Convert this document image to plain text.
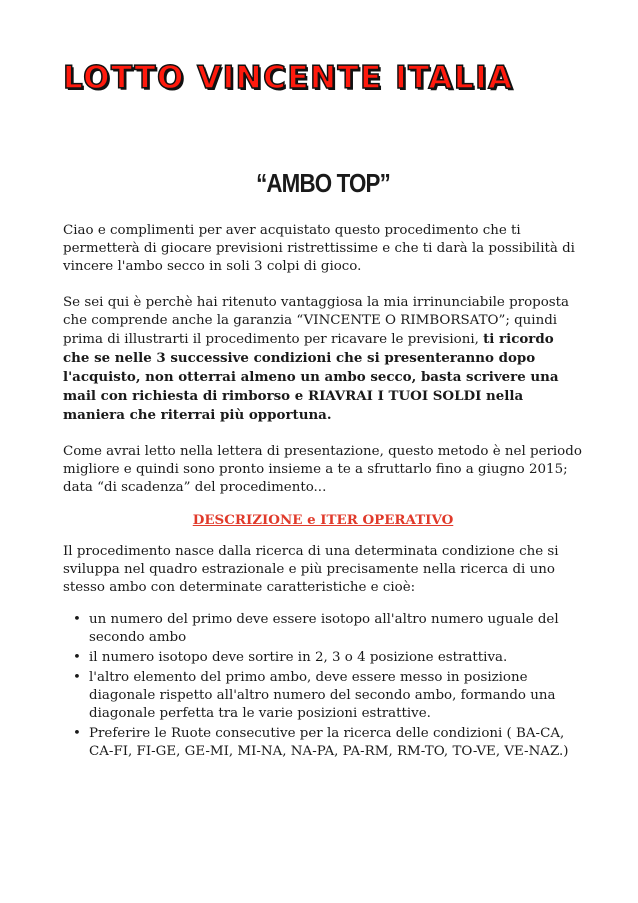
LOTTO VINCENTE ITALIA
“AMBO TOP”

Ciao e complimenti per aver acquistato questo procedimento che ti permetterà di giocare previsioni ristrettissime e che ti darà la possibilità di vincere l'ambo secco in soli 3 colpi di gioco.

Se sei qui è perchè hai ritenuto vantaggiosa la mia irrinunciabile proposta che comprende anche la garanzia “VINCENTE O RIMBORSATO”; quindi prima di illustrarti il procedimento per ricavare le previsioni, ti ricordo che se nelle 3 successive condizioni che si presenteranno dopo l'acquisto, non otterrai almeno un ambo secco, basta scrivere una mail con richiesta di rimborso e RIAVRAI I TUOI SOLDI nella maniera che riterrai più opportuna.

Come avrai letto nella lettera di presentazione, questo metodo è nel periodo migliore e quindi sono pronto insieme a te a sfruttarlo fino a giugno 2015; data “di scadenza” del procedimento...

DESCRIZIONE e ITER OPERATIVO

Il procedimento nasce dalla ricerca di una determinata condizione che si sviluppa nel quadro estrazionale e più precisamente nella ricerca di uno stesso ambo con determinate caratteristiche e cioè:

• un numero del primo deve essere isotopo all'altro numero uguale del secondo ambo
• il numero isotopo deve sortire in 2, 3 o 4 posizione estrattiva.
• l'altro elemento del primo ambo, deve essere messo in posizione diagonale rispetto all'altro numero del secondo ambo, formando una diagonale perfetta tra le varie posizioni estrattive.
• Preferire le Ruote consecutive per la ricerca delle condizioni ( BA-CA, CA-FI, FI-GE, GE-MI, MI-NA, NA-PA, PA-RM, RM-TO, TO-VE, VE-NAZ.)
